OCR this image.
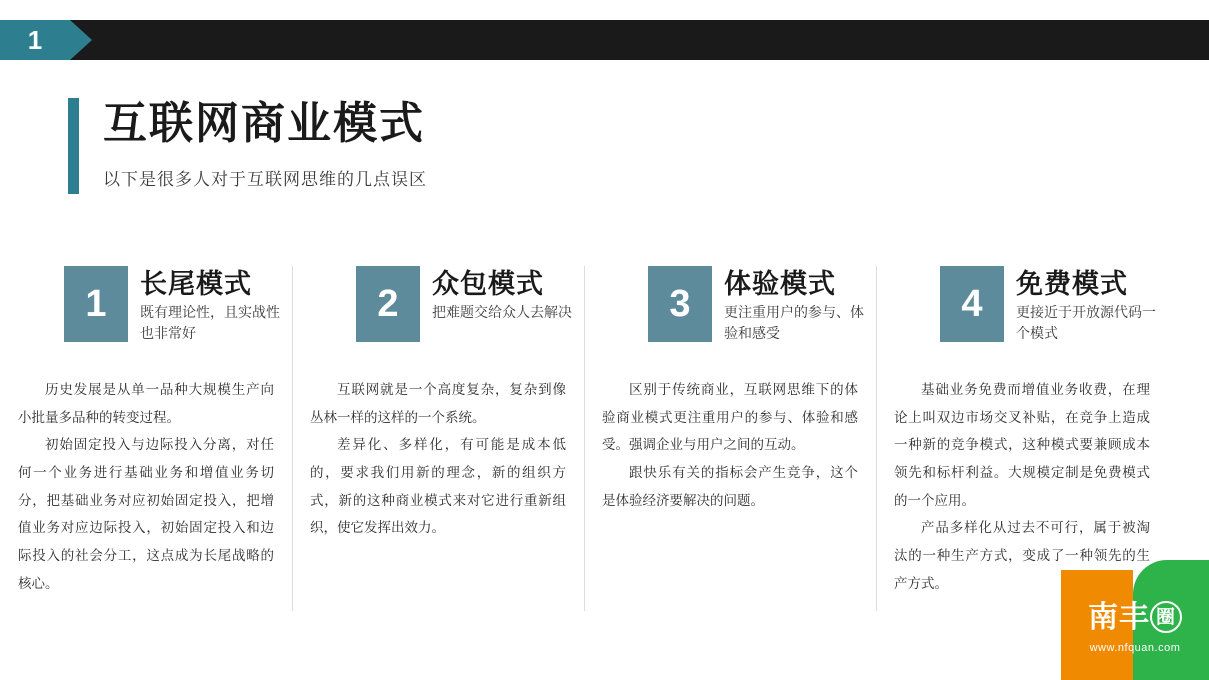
1
互联网商业模式
以下是很多人对于互联网思维的几点误区
1 长尾模式
既有理论性，且实战性也非常好

历史发展是从单一品种大规模生产向小批量多品种的转变过程。

初始固定投入与边际投入分离，对任何一个业务进行基础业务和增值业务切分，把基础业务对应初始固定投入，把增值业务对应边际投入，初始固定投入和边际投入的社会分工，这点成为长尾战略的核心。

2 众包模式
把难题交给众人去解决

互联网就是一个高度复杂，复杂到像丛林一样的这样的一个系统。

差异化、多样化，有可能是成本低的，要求我们用新的理念，新的组织方式，新的这种商业模式来对它进行重新组织，使它发挥出效力。

3 体验模式
更注重用户的参与、体验和感受

区别于传统商业，互联网思维下的体验商业模式更注重用户的参与、体验和感受。强调企业与用户之间的互动。

跟快乐有关的指标会产生竞争，这个是体验经济要解决的问题。

4 免费模式
更接近于开放源代码一个模式

基础业务免费而增值业务收费，在理论上叫双边市场交叉补贴，在竞争上造成一种新的竞争模式，这种模式要兼顾成本领先和标杆利益。大规模定制是免费模式的一个应用。

产品多样化从过去不可行，属于被淘汰的一种生产方式，变成了一种领先的生产方式。

南丰 圈
www.nfquan.com
